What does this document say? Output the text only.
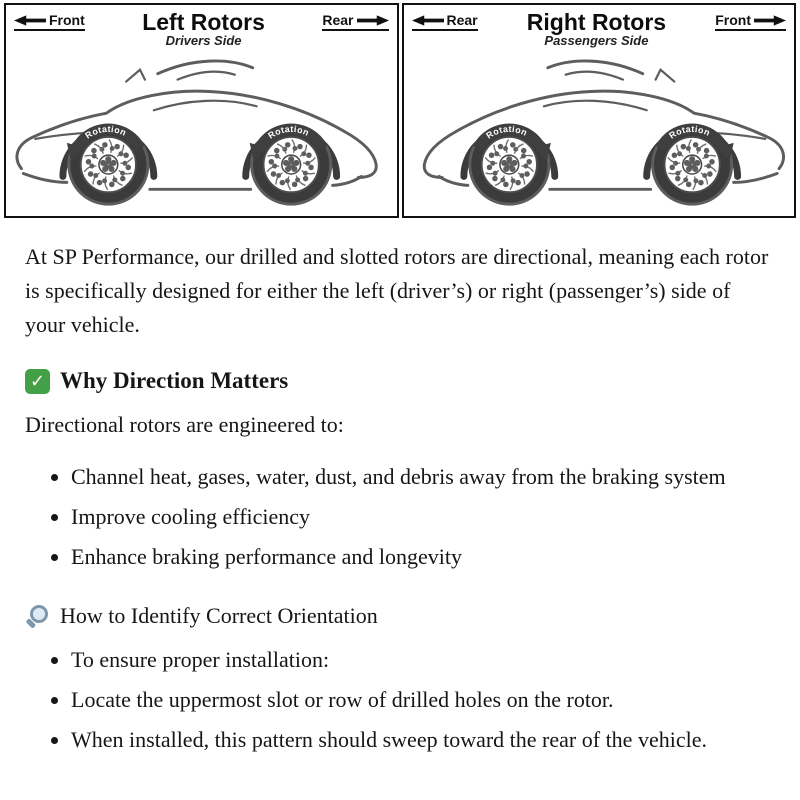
Front Left Rotors
Drivers Side
Rear
Rotation	Rotation
Rear Right Rotors
Passengers Side
Front
Rotation	Rotation

At SP Performance, our drilled and slotted rotors are directional, meaning each rotor is specifically designed for either the left (driver’s) or right (passenger’s) side of your vehicle.

✓ Why Direction Matters

Directional rotors are engineered to:

• Channel heat, gases, water, dust, and debris away from the braking system
• Improve cooling efficiency
• Enhance braking performance and longevity
How to Identify Correct Orientation
• To ensure proper installation:
• Locate the uppermost slot or row of drilled holes on the rotor.
• When installed, this pattern should sweep toward the rear of the vehicle.
